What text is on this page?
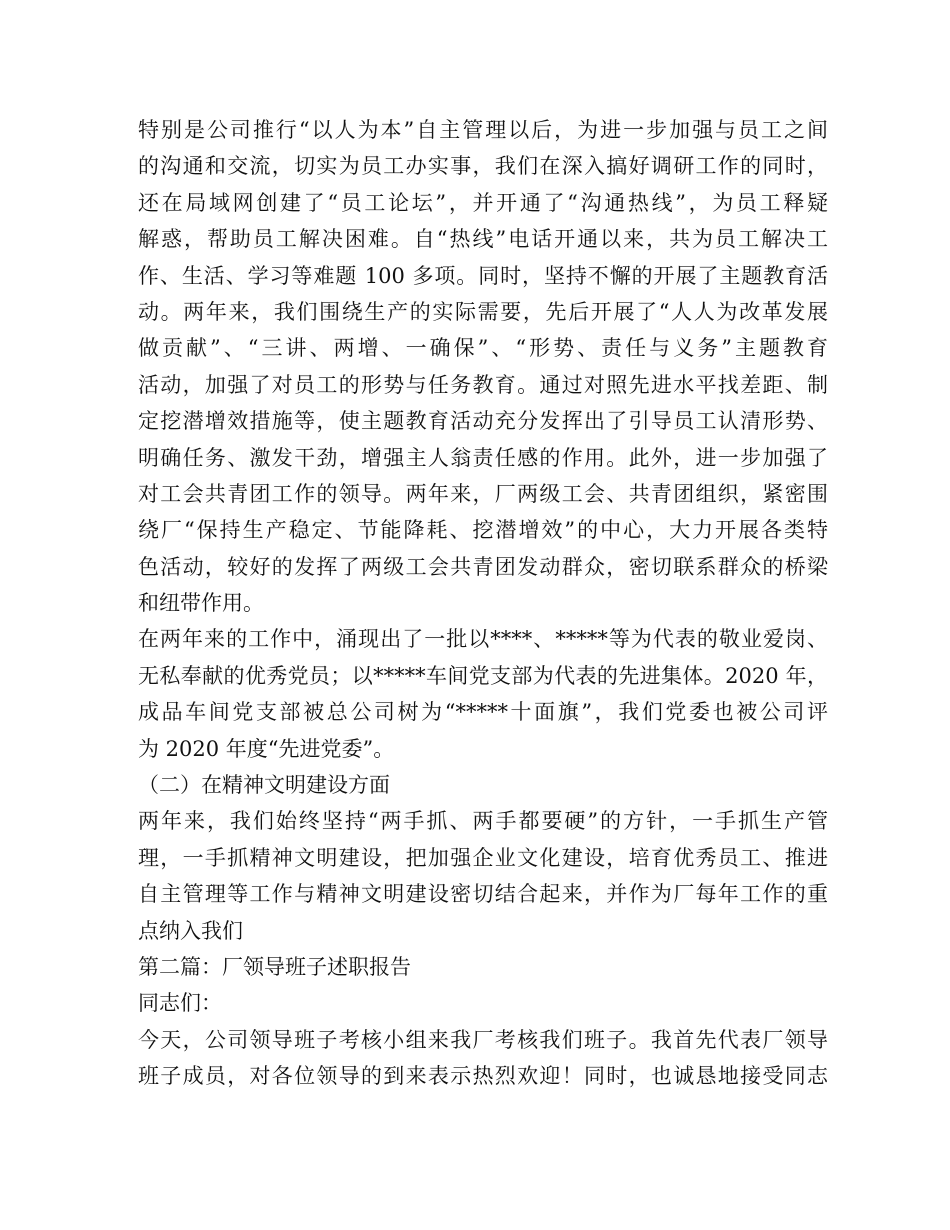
特别是公司推行“以人为本”自主管理以后，为进一步加强与员工之间
的沟通和交流，切实为员工办实事，我们在深入搞好调研工作的同时，
还在局域网创建了“员工论坛”，并开通了“沟通热线”，为员工释疑
解惑，帮助员工解决困难。自“热线”电话开通以来，共为员工解决工
作、生活、学习等难题 100 多项。同时，坚持不懈的开展了主题教育活
动。两年来，我们围绕生产的实际需要，先后开展了“人人为改革发展
做贡献”、“三讲、两增、一确保”、“形势、责任与义务”主题教育
活动，加强了对员工的形势与任务教育。通过对照先进水平找差距、制
定挖潜增效措施等，使主题教育活动充分发挥出了引导员工认清形势、
明确任务、激发干劲，增强主人翁责任感的作用。此外，进一步加强了
对工会共青团工作的领导。两年来，厂两级工会、共青团组织，紧密围
绕厂“保持生产稳定、节能降耗、挖潜增效”的中心，大力开展各类特
色活动，较好的发挥了两级工会共青团发动群众，密切联系群众的桥梁
和纽带作用。
在两年来的工作中，涌现出了一批以****、*****等为代表的敬业爱岗、
无私奉献的优秀党员；以*****车间党支部为代表的先进集体。2020 年，
成品车间党支部被总公司树为“*****十面旗”，我们党委也被公司评
为 2020 年度“先进党委”。
（二）在精神文明建设方面
两年来，我们始终坚持“两手抓、两手都要硬”的方针，一手抓生产管
理，一手抓精神文明建设，把加强企业文化建设，培育优秀员工、推进
自主管理等工作与精神文明建设密切结合起来，并作为厂每年工作的重
点纳入我们
第二篇：厂领导班子述职报告
同志们：
今天，公司领导班子考核小组来我厂考核我们班子。我首先代表厂领导
班子成员，对各位领导的到来表示热烈欢迎！同时，也诚恳地接受同志
